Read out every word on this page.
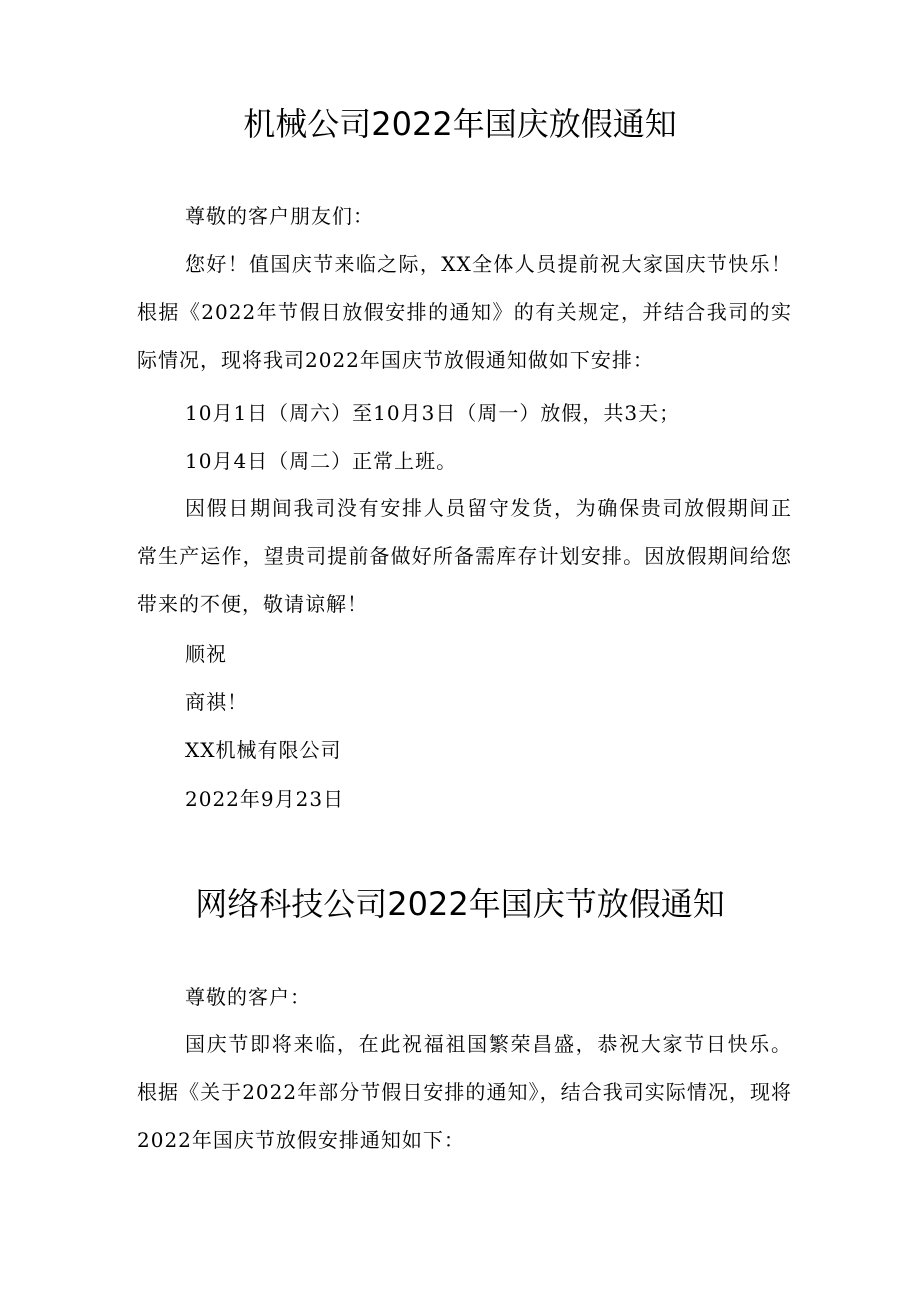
机械公司2022年国庆放假通知

尊敬的客户朋友们：

您好！值国庆节来临之际，XX全体人员提前祝大家国庆节快乐！根据《2022年节假日放假安排的通知》的有关规定，并结合我司的实际情况，现将我司2022年国庆节放假通知做如下安排：

10月1日（周六）至10月3日（周一）放假，共3天；

10月4日（周二）正常上班。

因假日期间我司没有安排人员留守发货，为确保贵司放假期间正常生产运作，望贵司提前备做好所备需库存计划安排。因放假期间给您带来的不便，敬请谅解！

顺祝

商祺！

XX机械有限公司

2022年9月23日

网络科技公司2022年国庆节放假通知

尊敬的客户：

国庆节即将来临，在此祝福祖国繁荣昌盛，恭祝大家节日快乐。根据《关于2022年部分节假日安排的通知》，结合我司实际情况，现将2022年国庆节放假安排通知如下：
